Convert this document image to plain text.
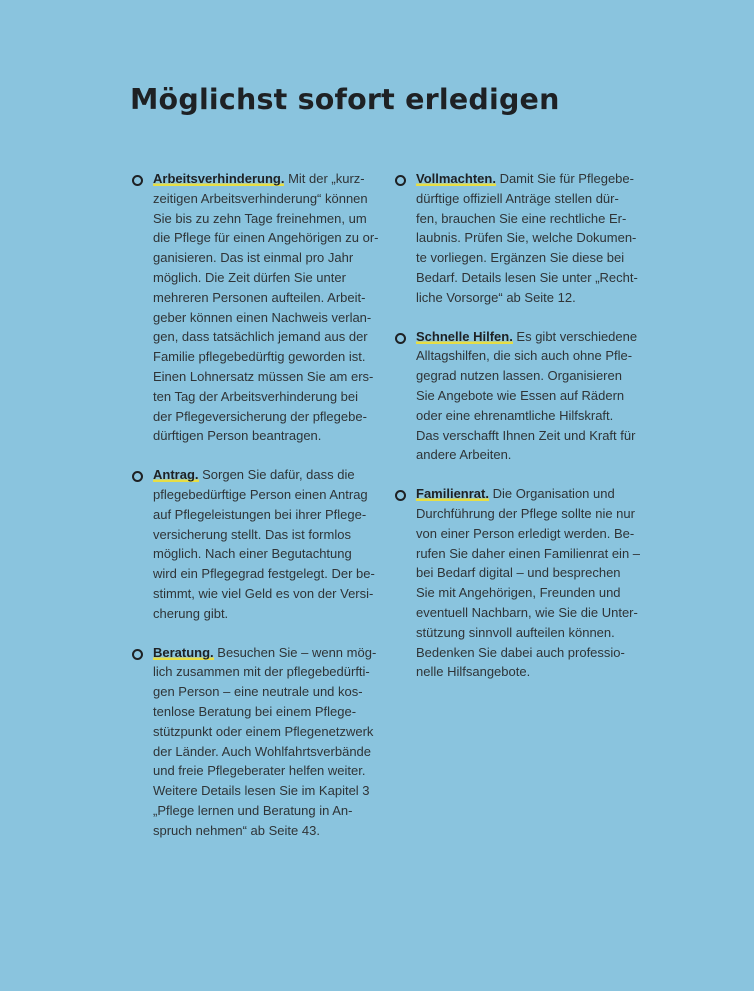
Möglichst sofort erledigen
Arbeitsverhinderung. Mit der „kurz-
zeitigen Arbeitsverhinderung“ können
Sie bis zu zehn Tage freinehmen, um
die Pflege für einen Angehörigen zu or-
ganisieren. Das ist einmal pro Jahr
möglich. Die Zeit dürfen Sie unter
mehreren Personen aufteilen. Arbeit-
geber können einen Nachweis verlan-
gen, dass tatsächlich jemand aus der
Familie pflegebedürftig geworden ist.
Einen Lohnersatz müssen Sie am ers-
ten Tag der Arbeitsverhinderung bei
der Pflegeversicherung der pflegebe-
dürftigen Person beantragen.
Antrag. Sorgen Sie dafür, dass die
pflegebedürftige Person einen Antrag
auf Pflegeleistungen bei ihrer Pflege-
versicherung stellt. Das ist formlos
möglich. Nach einer Begutachtung
wird ein Pflegegrad festgelegt. Der be-
stimmt, wie viel Geld es von der Versi-
cherung gibt.
Beratung. Besuchen Sie – wenn mög-
lich zusammen mit der pflegebedürfti-
gen Person – eine neutrale und kos-
tenlose Beratung bei einem Pflege-
stützpunkt oder einem Pflegenetzwerk
der Länder. Auch Wohlfahrtsverbände
und freie Pflegeberater helfen weiter.
Weitere Details lesen Sie im Kapitel 3
„Pflege lernen und Beratung in An-
spruch nehmen“ ab Seite 43.
Vollmachten. Damit Sie für Pflegebe-
dürftige offiziell Anträge stellen dür-
fen, brauchen Sie eine rechtliche Er-
laubnis. Prüfen Sie, welche Dokumen-
te vorliegen. Ergänzen Sie diese bei
Bedarf. Details lesen Sie unter „Recht-
liche Vorsorge“ ab Seite 12.
Schnelle Hilfen. Es gibt verschiedene
Alltagshilfen, die sich auch ohne Pfle-
gegrad nutzen lassen. Organisieren
Sie Angebote wie Essen auf Rädern
oder eine ehrenamtliche Hilfskraft.
Das verschafft Ihnen Zeit und Kraft für
andere Arbeiten.
Familienrat. Die Organisation und
Durchführung der Pflege sollte nie nur
von einer Person erledigt werden. Be-
rufen Sie daher einen Familienrat ein –
bei Bedarf digital – und besprechen
Sie mit Angehörigen, Freunden und
eventuell Nachbarn, wie Sie die Unter-
stützung sinnvoll aufteilen können.
Bedenken Sie dabei auch professio-
nelle Hilfsangebote.
